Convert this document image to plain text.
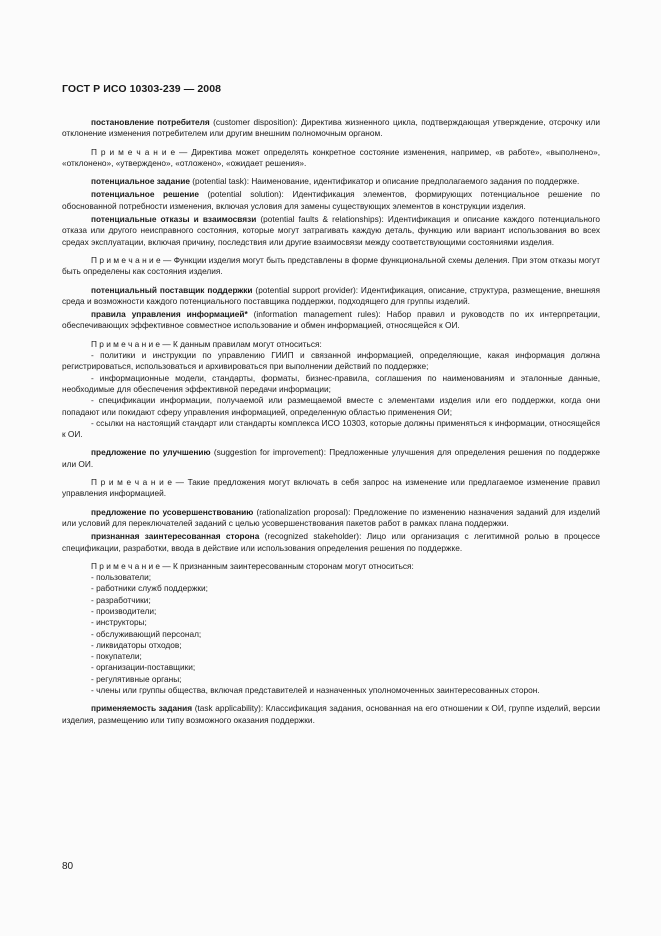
ГОСТ Р ИСО 10303-239 — 2008

постановление потребителя (customer disposition): Директива жизненного цикла, подтверждающая утверждение, отсрочку или отклонение изменения потребителем или другим внешним полномочным органом.

П р и м е ч а н и е — Директива может определять конкретное состояние изменения, например, «в работе», «выполнено», «отклонено», «утверждено», «отложено», «ожидает решения».

потенциальное задание (potential task): Наименование, идентификатор и описание предполагаемого задания по поддержке.

потенциальное решение (potential solution): Идентификация элементов, формирующих потенциальное решение по обоснованной потребности изменения, включая условия для замены существующих элементов в конструкции изделия.

потенциальные отказы и взаимосвязи (potential faults & relationships): Идентификация и описание каждого потенциального отказа или другого неисправного состояния, которые могут затрагивать каждую деталь, функцию или вариант использования во всех средах эксплуатации, включая причину, последствия или другие взаимосвязи между соответствующими состояниями изделия.

П р и м е ч а н и е — Функции изделия могут быть представлены в форме функциональной схемы деления. При этом отказы могут быть определены как состояния изделия.

потенциальный поставщик поддержки (potential support provider): Идентификация, описание, структура, размещение, внешняя среда и возможности каждого потенциального поставщика поддержки, подходящего для группы изделий.

правила управления информацией* (information management rules): Набор правил и руководств по их интерпретации, обеспечивающих эффективное совместное использование и обмен информацией, относящейся к ОИ.

П р и м е ч а н и е — К данным правилам могут относиться:

- политики и инструкции по управлению ГИИП и связанной информацией, определяющие, какая информация должна регистрироваться, использоваться и архивироваться при выполнении действий по поддержке;

- информационные модели, стандарты, форматы, бизнес-правила, соглашения по наименованиям и эталонные данные, необходимые для обеспечения эффективной передачи информации;

- спецификации информации, получаемой или размещаемой вместе с элементами изделия или его поддержки, когда они попадают или покидают сферу управления информацией, определенную областью применения ОИ;

- ссылки на настоящий стандарт или стандарты комплекса ИСО 10303, которые должны применяться к информации, относящейся к ОИ.

предложение по улучшению (suggestion for improvement): Предложенные улучшения для определения решения по поддержке или ОИ.

П р и м е ч а н и е — Такие предложения могут включать в себя запрос на изменение или предлагаемое изменение правил управления информацией.

предложение по усовершенствованию (rationalization proposal): Предложение по изменению назначения заданий для изделий или условий для переключателей заданий с целью усовершенствования пакетов работ в рамках плана поддержки.

признанная заинтересованная сторона (recognized stakeholder): Лицо или организация с легитимной ролью в процессе спецификации, разработки, ввода в действие или использования определения решения по поддержке.

П р и м е ч а н и е — К признанным заинтересованным сторонам могут относиться:

- пользователи;

- работники служб поддержки;

- разработчики;

- производители;

- инструкторы;

- обслуживающий персонал;

- ликвидаторы отходов;

- покупатели;

- организации-поставщики;

- регулятивные органы;

- члены или группы общества, включая представителей и назначенных уполномоченных заинтересованных сторон.

применяемость задания (task applicability): Классификация задания, основанная на его отношении к ОИ, группе изделий, версии изделия, размещению или типу возможного оказания поддержки.

80
